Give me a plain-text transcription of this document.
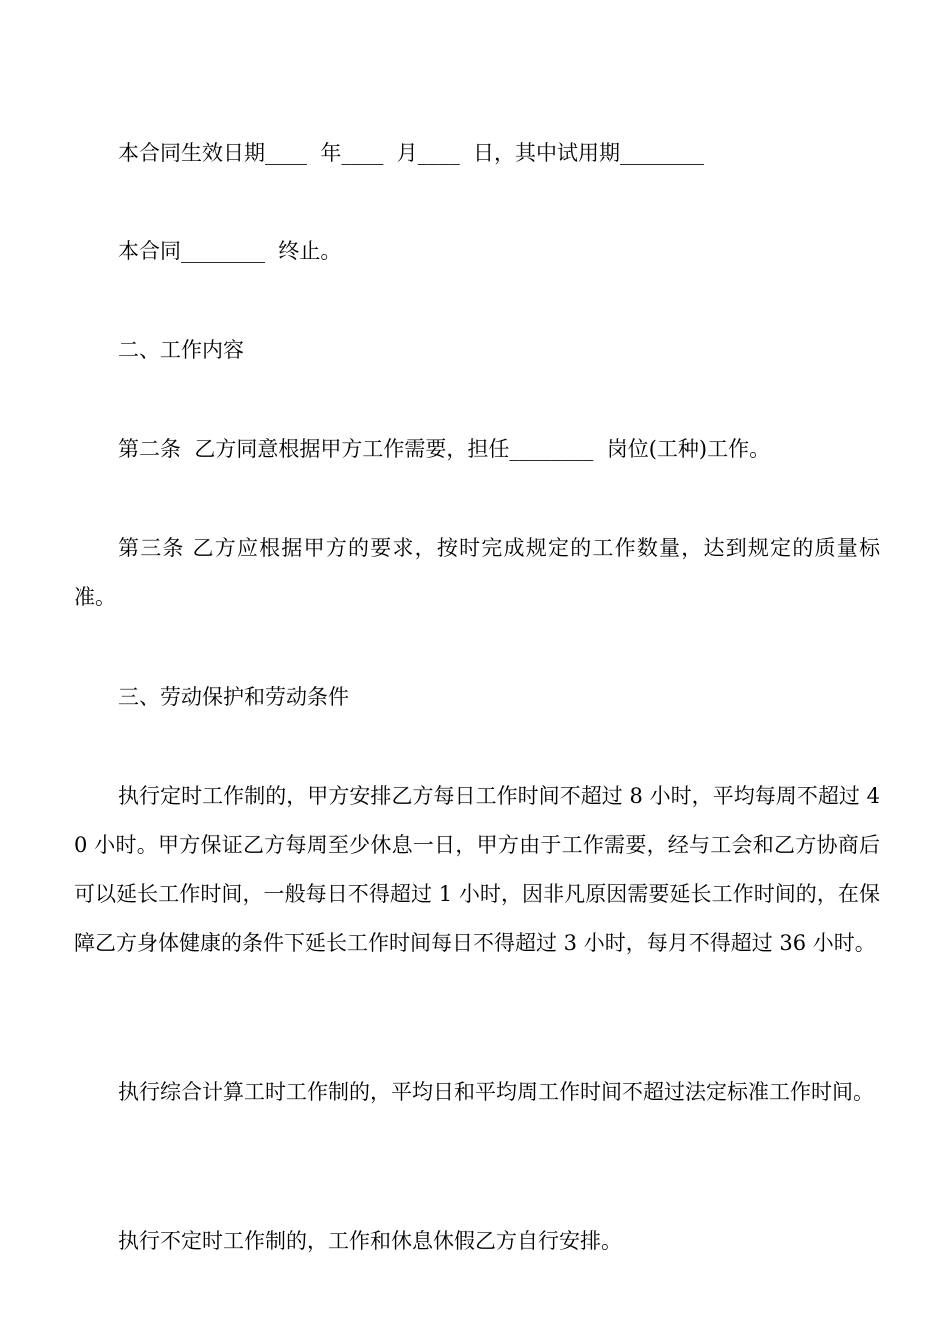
本合同生效日期____  年____  月____  日，其中试用期________

本合同________  终止。

二、工作内容

第二条  乙方同意根据甲方工作需要，担任________  岗位(工种)工作。

第三条 乙方应根据甲方的要求，按时完成规定的工作数量，达到规定的质量标准。

三、劳动保护和劳动条件

执行定时工作制的，甲方安排乙方每日工作时间不超过 8 小时，平均每周不超过 40 小时。甲方保证乙方每周至少休息一日，甲方由于工作需要，经与工会和乙方协商后可以延长工作时间，一般每日不得超过 1 小时，因非凡原因需要延长工作时间的，在保障乙方身体健康的条件下延长工作时间每日不得超过 3 小时，每月不得超过 36 小时。

执行综合计算工时工作制的，平均日和平均周工作时间不超过法定标准工作时间。

执行不定时工作制的，工作和休息休假乙方自行安排。
